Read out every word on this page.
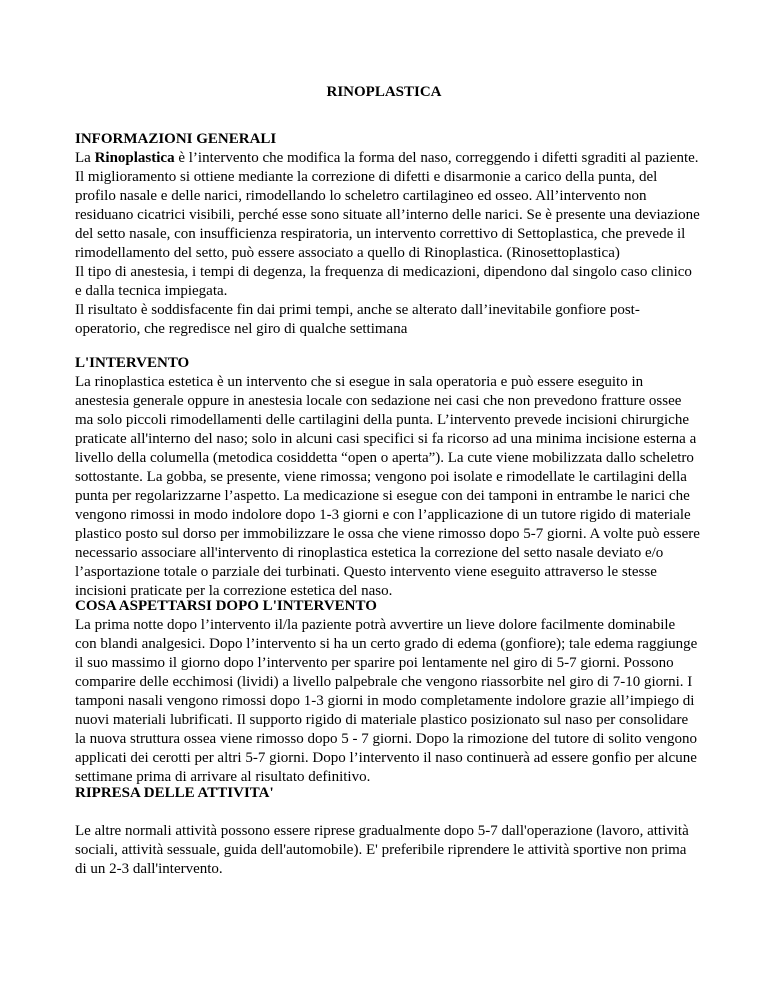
RINOPLASTICA
INFORMAZIONI GENERALI

La Rinoplastica è l’intervento che modifica la forma del naso, correggendo i difetti sgraditi al paziente.

Il miglioramento si ottiene mediante la correzione di difetti e disarmonie a carico della punta, del profilo nasale e delle narici, rimodellando lo scheletro cartilagineo ed osseo. All’intervento non residuano cicatrici visibili, perché esse sono situate all’interno delle narici. Se è presente una deviazione del setto nasale, con insufficienza respiratoria, un intervento correttivo di Settoplastica, che prevede il rimodellamento del setto, può essere associato a quello di Rinoplastica. (Rinosettoplastica)

Il tipo di anestesia, i tempi di degenza, la frequenza di medicazioni, dipendono dal singolo caso clinico e dalla tecnica impiegata.

Il risultato è soddisfacente fin dai primi tempi, anche se alterato dall’inevitabile gonfiore post-operatorio, che regredisce nel giro di qualche settimana

L'INTERVENTO

La rinoplastica estetica è un intervento che si esegue in sala operatoria e può essere eseguito in anestesia generale oppure in anestesia locale con sedazione nei casi che non prevedono fratture ossee ma solo piccoli rimodellamenti delle cartilagini della punta. L’intervento prevede incisioni chirurgiche praticate all'interno del naso; solo in alcuni casi specifici si fa ricorso ad una minima incisione esterna a livello della columella (metodica cosiddetta “open o aperta”). La cute viene mobilizzata dallo scheletro sottostante. La gobba, se presente, viene rimossa; vengono poi isolate e rimodellate le cartilagini della punta per regolarizzarne l’aspetto. La medicazione si esegue con dei tamponi in entrambe le narici che vengono rimossi in modo indolore dopo 1-3 giorni e con l’applicazione di un tutore rigido di materiale plastico posto sul dorso per immobilizzare le ossa che viene rimosso dopo 5-7 giorni. A volte può essere necessario associare all'intervento di rinoplastica estetica la correzione del setto nasale deviato e/o l’asportazione totale o parziale dei turbinati. Questo intervento viene eseguito attraverso le stesse incisioni praticate per la correzione estetica del naso.

COSA ASPETTARSI DOPO L'INTERVENTO

La prima notte dopo l’intervento il/la paziente potrà avvertire un lieve dolore facilmente dominabile con blandi analgesici. Dopo l’intervento si ha un certo grado di edema (gonfiore); tale edema raggiunge il suo massimo il giorno dopo l’intervento per sparire poi lentamente nel giro di 5-7 giorni. Possono comparire delle ecchimosi (lividi) a livello palpebrale che vengono riassorbite nel giro di 7-10 giorni. I tamponi nasali vengono rimossi dopo 1-3 giorni in modo completamente indolore grazie all’impiego di nuovi materiali lubrificati. Il supporto rigido di materiale plastico posizionato sul naso per consolidare la nuova struttura ossea viene rimosso dopo 5 - 7 giorni. Dopo la rimozione del tutore di solito vengono applicati dei cerotti per altri 5-7 giorni. Dopo l’intervento il naso continuerà ad essere gonfio per alcune settimane prima di arrivare al risultato definitivo.

RIPRESA DELLE ATTIVITA'

Le altre normali attività possono essere riprese gradualmente dopo 5-7 dall'operazione (lavoro, attività sociali, attività sessuale, guida dell'automobile). E' preferibile riprendere le attività sportive non prima di un 2-3 dall'intervento.
